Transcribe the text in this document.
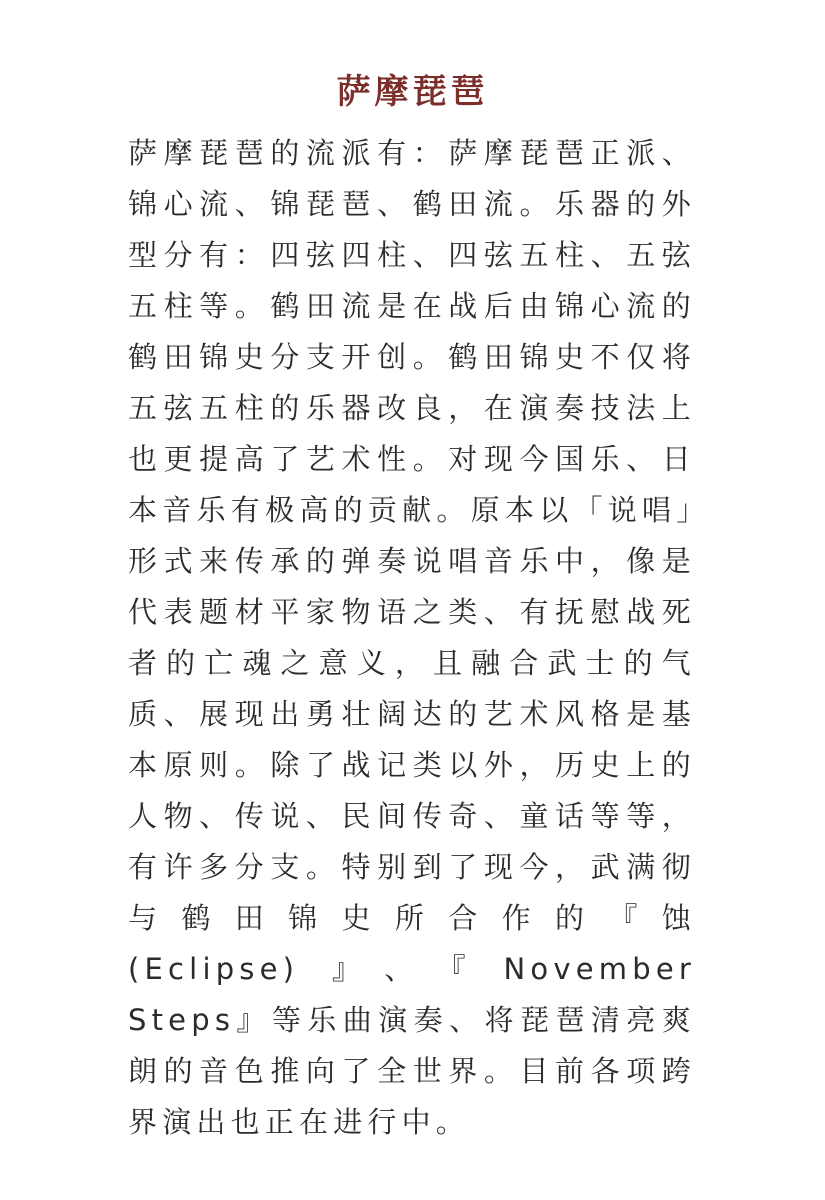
萨摩琵琶

萨摩琵琶的流派有：萨摩琵琶正派、锦心流、锦琵琶、鹤田流。乐器的外型分有：四弦四柱、四弦五柱、五弦五柱等。鹤田流是在战后由锦心流的鹤田锦史分支开创。鹤田锦史不仅将五弦五柱的乐器改良，在演奏技法上也更提高了艺术性。对现今国乐、日本音乐有极高的贡献。原本以「说唱」形式来传承的弹奏说唱音乐中，像是代表题材平家物语之类、有抚慰战死者的亡魂之意义，且融合武士的气质、展现出勇壮阔达的艺术风格是基本原则。除了战记类以外，历史上的人物、传说、民间传奇、童话等等，有许多分支。特别到了现今，武满彻与鹤田锦史所合作的『蚀(Eclipse)』、『November Steps』等乐曲演奏、将琵琶清亮爽朗的音色推向了全世界。目前各项跨界演出也正在进行中。
